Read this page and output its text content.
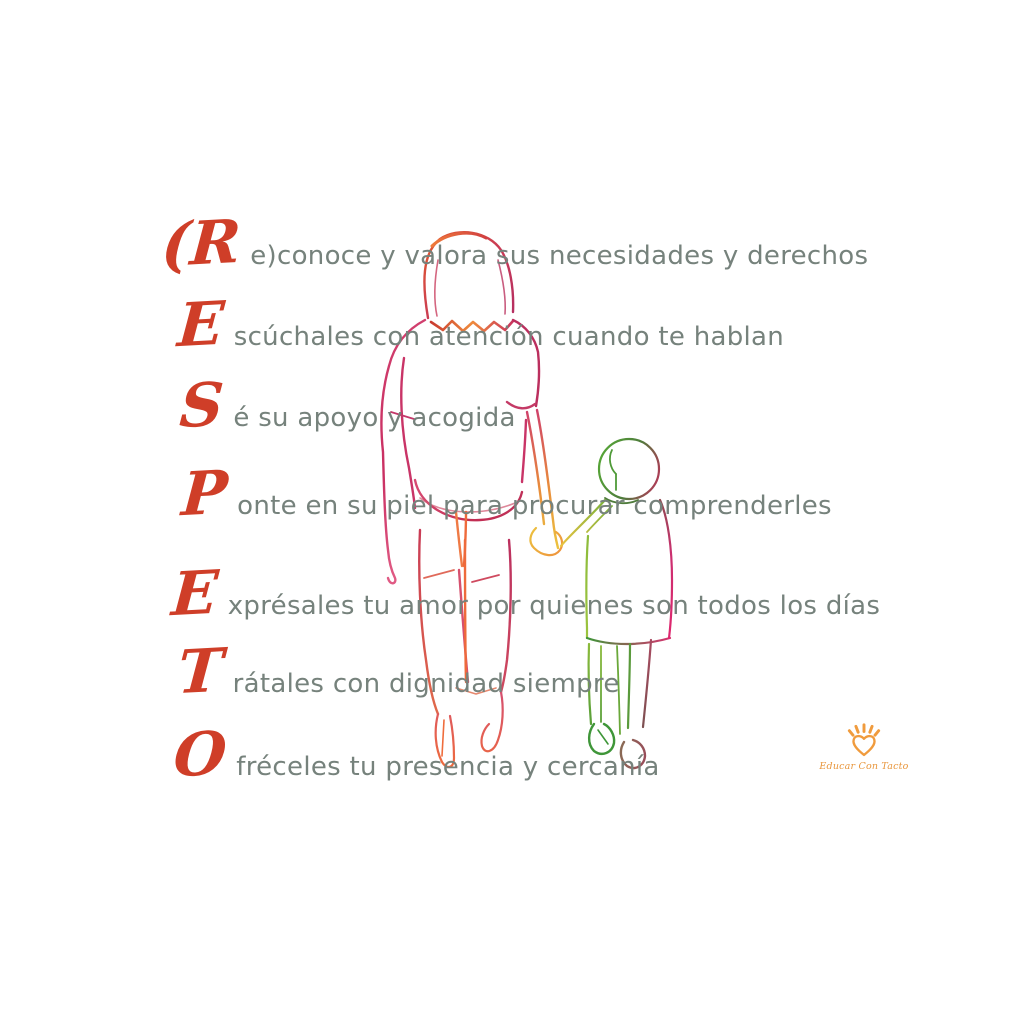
(R e)conoce y valora sus necesidades y derechos
E scúchales con atención cuando te hablan
S é su apoyo y acogida
P onte en su piel para procurar comprenderles
E xprésales tu amor por quienes son todos los días
T rátales con dignidad siempre
O fréceles tu presencia y cercanía	Educar Con Tacto
